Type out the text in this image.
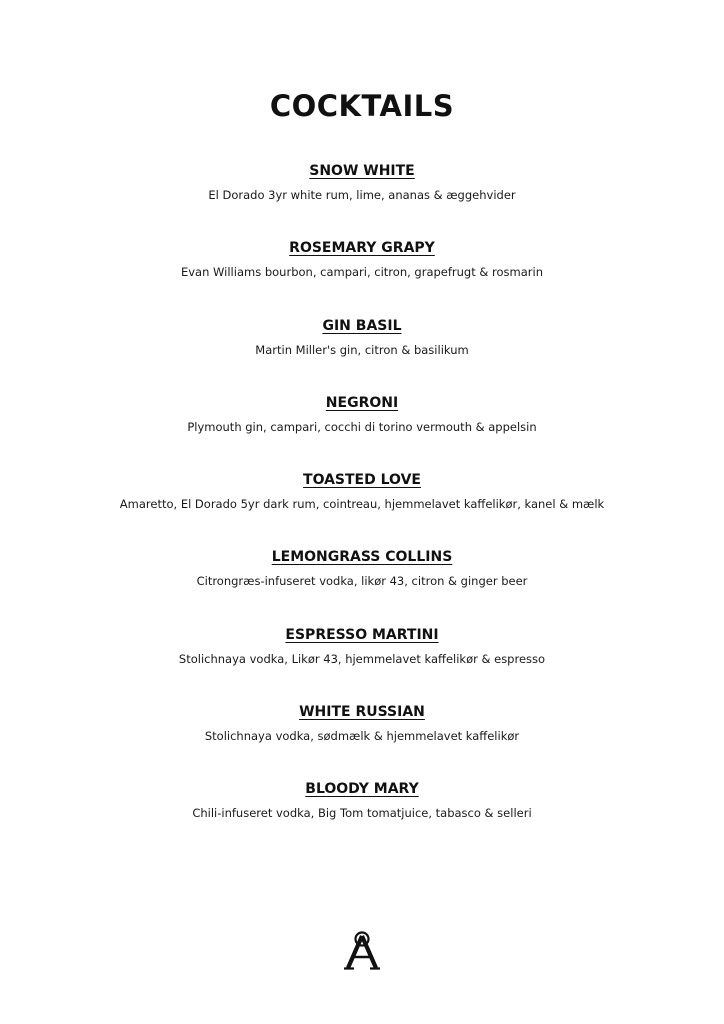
COCKTAILS
SNOW WHITE
El Dorado 3yr white rum, lime, ananas & æggehvider
ROSEMARY GRAPY
Evan Williams bourbon, campari, citron, grapefrugt & rosmarin
GIN BASIL
Martin Miller's gin, citron & basilikum
NEGRONI
Plymouth gin, campari, cocchi di torino vermouth & appelsin
TOASTED LOVE
Amaretto, El Dorado 5yr dark rum, cointreau, hjemmelavet kaffelikør, kanel & mælk
LEMONGRASS COLLINS
Citrongræs-infuseret vodka, likør 43, citron & ginger beer
ESPRESSO MARTINI
Stolichnaya vodka, Likør 43, hjemmelavet kaffelikør & espresso
WHITE RUSSIAN
Stolichnaya vodka, sødmælk & hjemmelavet kaffelikør
BLOODY MARY
Chili-infuseret vodka, Big Tom tomatjuice, tabasco & selleri
